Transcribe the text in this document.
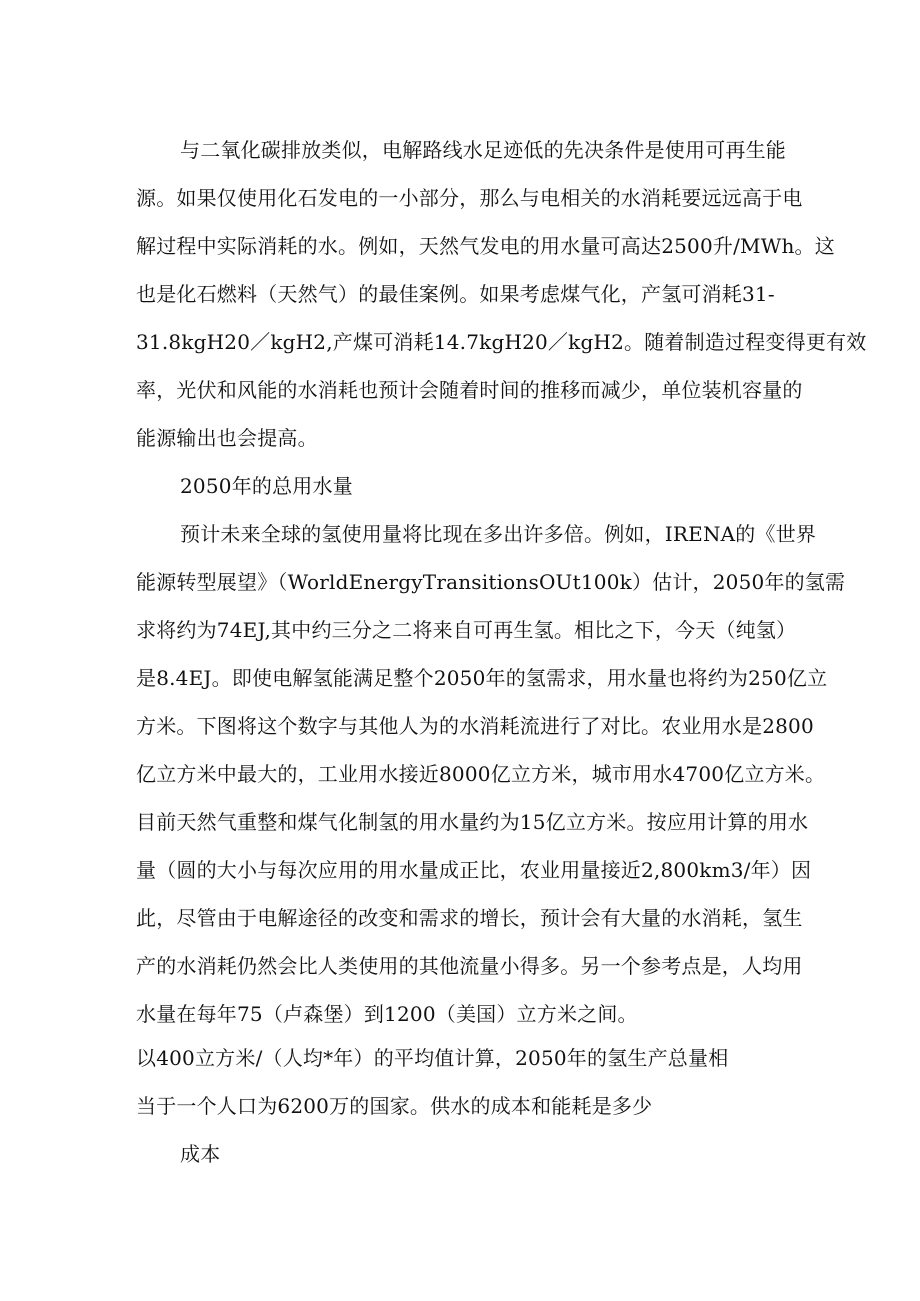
与二氧化碳排放类似，电解路线水足迹低的先决条件是使用可再生能
源。如果仅使用化石发电的一小部分，那么与电相关的水消耗要远远高于电
解过程中实际消耗的水。例如，天然气发电的用水量可高达2500升/MWh。这
也是化石燃料（天然气）的最佳案例。如果考虑煤气化，产氢可消耗31-
31.8kgH20／kgH2,产煤可消耗14.7kgH20／kgH2。随着制造过程变得更有效
率，光伏和风能的水消耗也预计会随着时间的推移而减少，单位装机容量的
能源输出也会提高。
2050年的总用水量
预计未来全球的氢使用量将比现在多出许多倍。例如，IRENA的《世界
能源转型展望》（WorldEnergyTransitionsOUt100k）估计，2050年的氢需
求将约为74EJ,其中约三分之二将来自可再生氢。相比之下，今天（纯氢）
是8.4EJ。即使电解氢能满足整个2050年的氢需求，用水量也将约为250亿立
方米。下图将这个数字与其他人为的水消耗流进行了对比。农业用水是2800
亿立方米中最大的，工业用水接近8000亿立方米，城市用水4700亿立方米。
目前天然气重整和煤气化制氢的用水量约为15亿立方米。按应用计算的用水
量（圆的大小与每次应用的用水量成正比，农业用量接近2,800km3/年）因
此，尽管由于电解途径的改变和需求的增长，预计会有大量的水消耗，氢生
产的水消耗仍然会比人类使用的其他流量小得多。另一个参考点是，人均用
水量在每年75（卢森堡）到1200（美国）立方米之间。
以400立方米/（人均*年）的平均值计算，2050年的氢生产总量相
当于一个人口为6200万的国家。供水的成本和能耗是多少
成本
